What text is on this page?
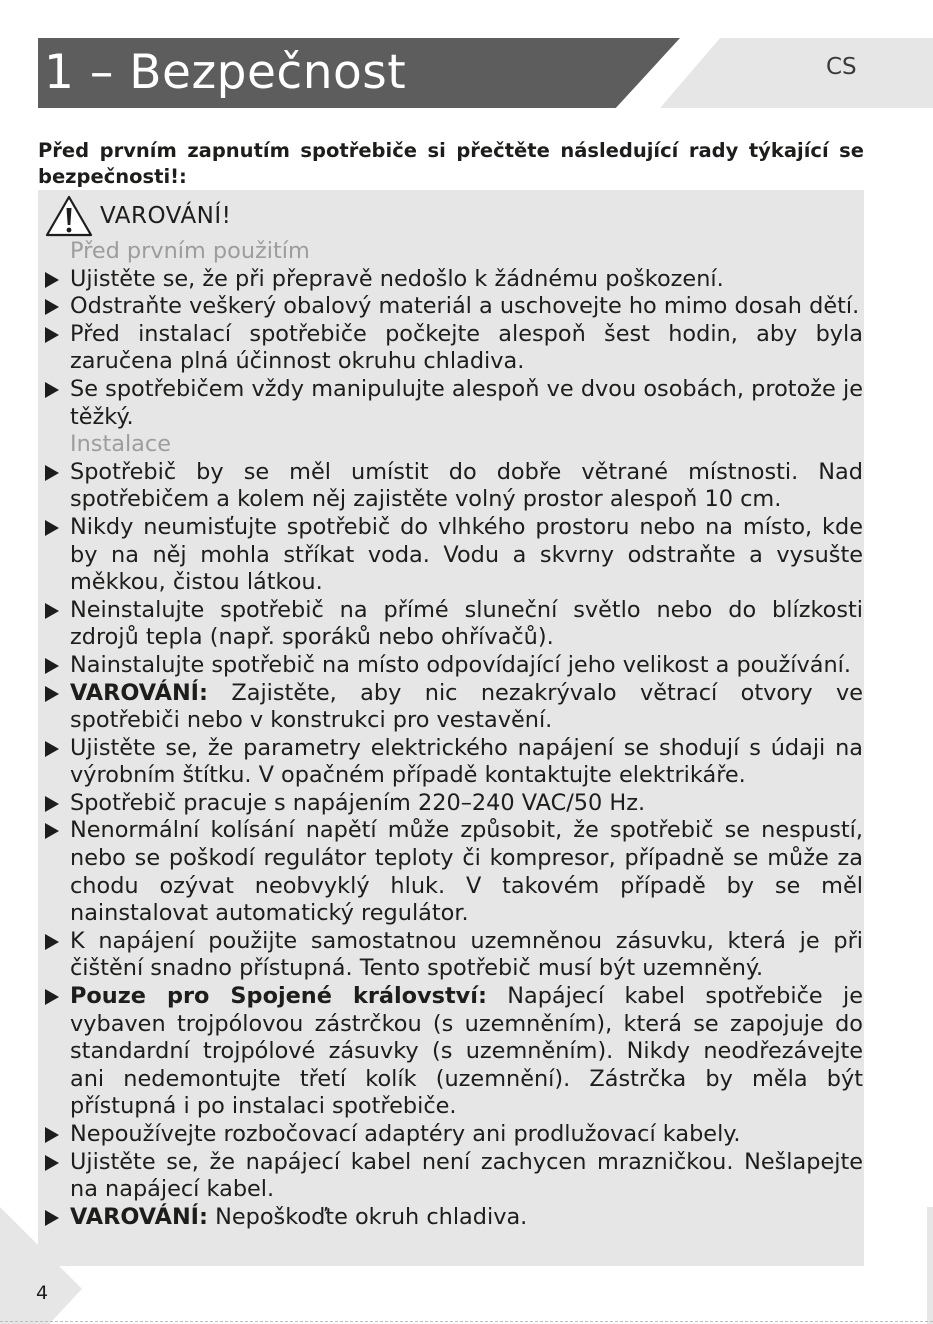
1 – Bezpečnost	CS
Před prvním zapnutím spotřebiče si přečtěte následující rady týkající se bezpečnosti!:
VAROVÁNÍ!
Před prvním použitím
Ujistěte se, že při přepravě nedošlo k žádnému poškození.
Odstraňte veškerý obalový materiál a uschovejte ho mimo dosah dětí.
Před instalací spotřebiče počkejte alespoň šest hodin, aby byla zaručena plná účinnost okruhu chladiva.
Se spotřebičem vždy manipulujte alespoň ve dvou osobách, protože je těžký.
Instalace
Spotřebič by se měl umístit do dobře větrané místnosti. Nad spotřebičem a kolem něj zajistěte volný prostor alespoň 10 cm.
Nikdy neumisťujte spotřebič do vlhkého prostoru nebo na místo, kde by na něj mohla stříkat voda. Vodu a skvrny odstraňte a vysušte měkkou, čistou látkou.
Neinstalujte spotřebič na přímé sluneční světlo nebo do blízkosti zdrojů tepla (např. sporáků nebo ohřívačů).
Nainstalujte spotřebič na místo odpovídající jeho velikost a používání.
VAROVÁNÍ: Zajistěte, aby nic nezakrývalo větrací otvory ve spotřebiči nebo v konstrukci pro vestavění.
Ujistěte se, že parametry elektrického napájení se shodují s údaji na výrobním štítku. V opačném případě kontaktujte elektrikáře.
Spotřebič pracuje s napájením 220–240 VAC/50 Hz.
Nenormální kolísání napětí může způsobit, že spotřebič se nespustí, nebo se poškodí regulátor teploty či kompresor, případně se může za chodu ozývat neobvyklý hluk. V takovém případě by se měl nainstalovat automatický regulátor.
K napájení použijte samostatnou uzemněnou zásuvku, která je při čištění snadno přístupná. Tento spotřebič musí být uzemněný.
Pouze pro Spojené království: Napájecí kabel spotřebiče je vybaven trojpólovou zástrčkou (s uzemněním), která se zapojuje do standardní trojpólové zásuvky (s uzemněním). Nikdy neodřezávejte ani nedemontujte třetí kolík (uzemnění). Zástrčka by měla být přístupná i po instalaci spotřebiče.
Nepoužívejte rozbočovací adaptéry ani prodlužovací kabely.
Ujistěte se, že napájecí kabel není zachycen mrazničkou. Nešlapejte na napájecí kabel.
VAROVÁNÍ: Nepoškoďte okruh chladiva.
4
